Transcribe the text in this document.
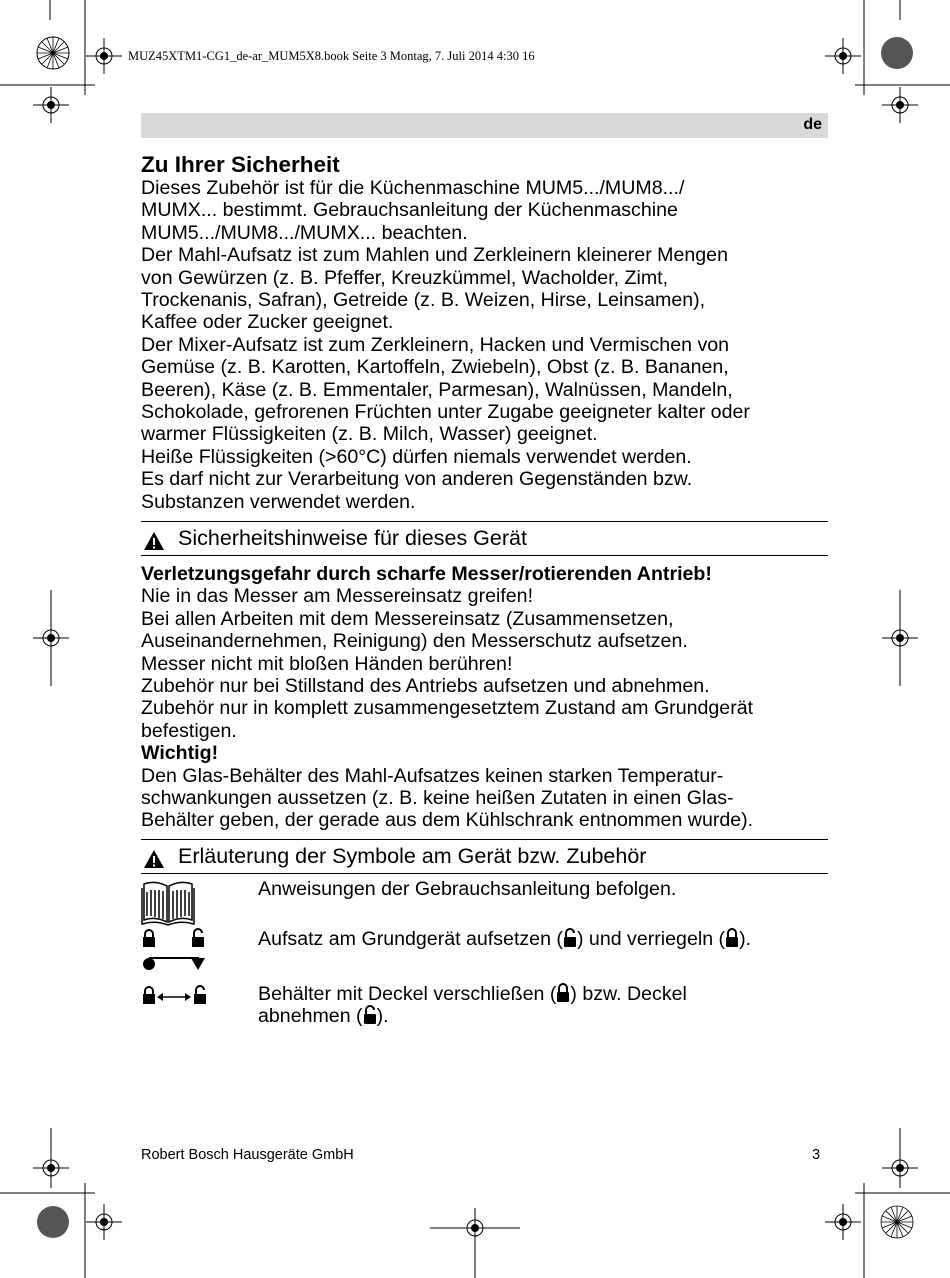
MUZ45XTM1-CG1_de-ar_MUM5X8.book Seite 3 Montag, 7. Juli 2014 4:30 16
de
Zu Ihrer Sicherheit

Dieses Zubehör ist für die Küchenmaschine MUM5.../MUM8.../

MUMX... bestimmt. Gebrauchsanleitung der Küchenmaschine

MUM5.../MUM8.../MUMX... beachten.

Der Mahl-Aufsatz ist zum Mahlen und Zerkleinern kleinerer Mengen

von Gewürzen (z. B. Pfeffer, Kreuzkümmel, Wacholder, Zimt,

Trockenanis, Safran), Getreide (z. B. Weizen, Hirse, Leinsamen),

Kaffee oder Zucker geeignet.

Der Mixer-Aufsatz ist zum Zerkleinern, Hacken und Vermischen von

Gemüse (z. B. Karotten, Kartoffeln, Zwiebeln), Obst (z. B. Bananen,

Beeren), Käse (z. B. Emmentaler, Parmesan), Walnüssen, Mandeln,

Schokolade, gefrorenen Früchten unter Zugabe geeigneter kalter oder

warmer Flüssigkeiten (z. B. Milch, Wasser) geeignet.

Heiße Flüssigkeiten (>60°C) dürfen niemals verwendet werden.

Es darf nicht zur Verarbeitung von anderen Gegenständen bzw.

Substanzen verwendet werden.

Sicherheitshinweise für dieses Gerät

Verletzungsgefahr durch scharfe Messer/rotierenden Antrieb!

Nie in das Messer am Messereinsatz greifen!

Bei allen Arbeiten mit dem Messereinsatz (Zusammensetzen,

Auseinandernehmen, Reinigung) den Messerschutz aufsetzen.

Messer nicht mit bloßen Händen berühren!

Zubehör nur bei Stillstand des Antriebs aufsetzen und abnehmen.

Zubehör nur in komplett zusammengesetztem Zustand am Grundgerät

befestigen.

Wichtig!

Den Glas-Behälter des Mahl-Aufsatzes keinen starken Temperatur-

schwankungen aussetzen (z. B. keine heißen Zutaten in einen Glas-

Behälter geben, der gerade aus dem Kühlschrank entnommen wurde).

Erläuterung der Symbole am Gerät bzw. Zubehör
Anweisungen der Gebrauchsanleitung befolgen.
Aufsatz am Grundgerät aufsetzen ( ) und verriegeln ( ).
Behälter mit Deckel verschließen ( ) bzw. Deckel
abnehmen ( ).
Robert Bosch Hausgeräte GmbH	3
